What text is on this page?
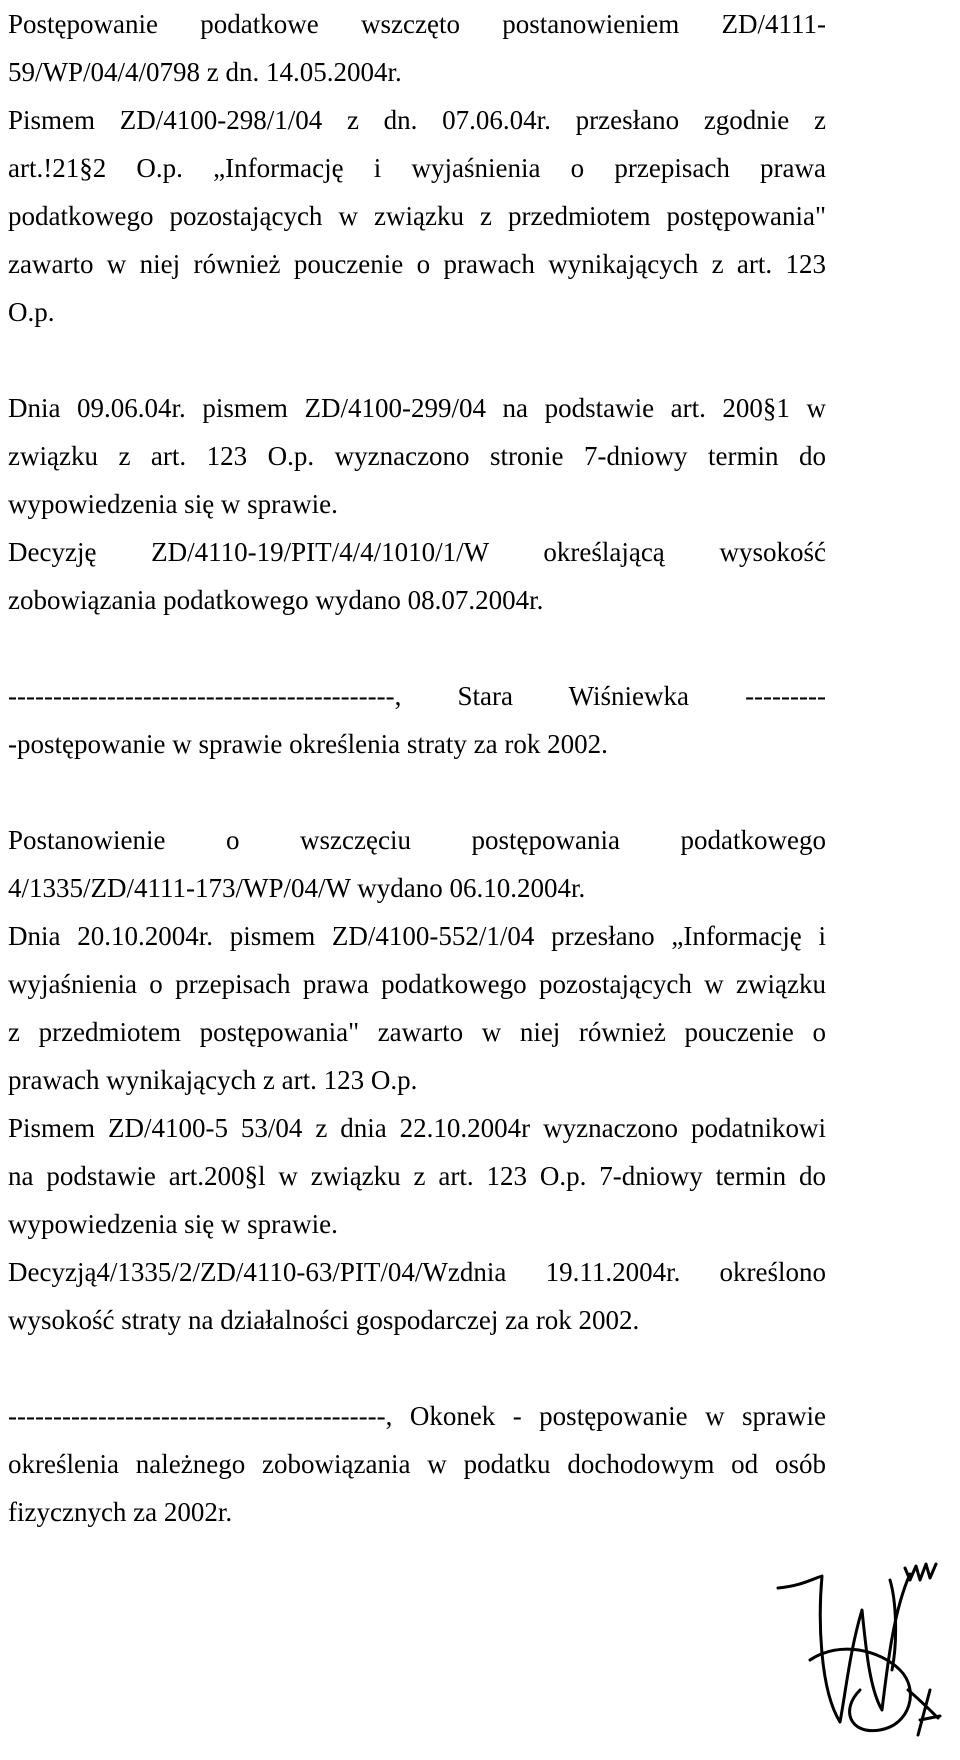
Postępowanie podatkowe wszczęto postanowieniem ZD/4111-

59/WP/04/4/0798 z dn. 14.05.2004r.

Pismem ZD/4100-298/1/04 z dn. 07.06.04r. przesłano zgodnie z

art.!21§2 O.p. „Informację i wyjaśnienia o przepisach prawa

podatkowego pozostających w związku z przedmiotem postępowania"

zawarto w niej również pouczenie o prawach wynikających z art. 123

O.p.

Dnia 09.06.04r. pismem ZD/4100-299/04 na podstawie art. 200§1 w

związku z art. 123 O.p. wyznaczono stronie 7-dniowy termin do

wypowiedzenia się w sprawie.

Decyzję ZD/4110-19/PIT/4/4/1010/1/W określającą wysokość

zobowiązania podatkowego wydano 08.07.2004r.

-------------------------------------------, Stara Wiśniewka ---------

-postępowanie w sprawie określenia straty za rok 2002.

Postanowienie o wszczęciu postępowania podatkowego

4/1335/ZD/4111-173/WP/04/W wydano 06.10.2004r.

Dnia 20.10.2004r. pismem ZD/4100-552/1/04 przesłano „Informację i

wyjaśnienia o przepisach prawa podatkowego pozostających w związku

z przedmiotem postępowania" zawarto w niej również pouczenie o

prawach wynikających z art. 123 O.p.

Pismem ZD/4100-5 53/04 z dnia 22.10.2004r wyznaczono podatnikowi

na podstawie art.200§l w związku z art. 123 O.p. 7-dniowy termin do

wypowiedzenia się w sprawie.

Decyzją4/1335/2/ZD/4110-63/PIT/04/Wzdnia 19.11.2004r. określono

wysokość straty na działalności gospodarczej za rok 2002.

------------------------------------------, Okonek - postępowanie w sprawie

określenia należnego zobowiązania w podatku dochodowym od osób

fizycznych za 2002r.
